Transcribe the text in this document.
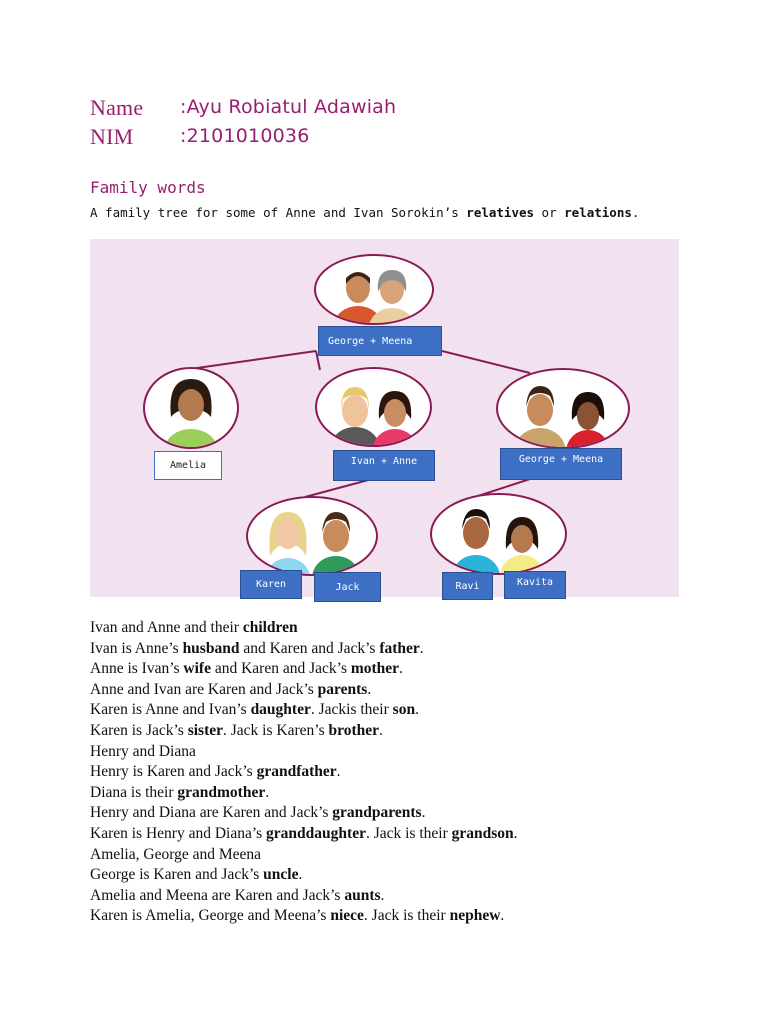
Name :Ayu Robiatul Adawiah
NIM :2101010036
Family words
A family tree for some of Anne and Ivan Sorokin’s relatives or relations.
George + Meena
Amelia	Ivan + Anne	George + Meena
Karen	Jack	Ravi	Kavita
Ivan and Anne and their children
Ivan is Anne’s husband and Karen and Jack’s father.
Anne is Ivan’s wife and Karen and Jack’s mother.
Anne and Ivan are Karen and Jack’s parents.
Karen is Anne and Ivan’s daughter. Jackis their son.
Karen is Jack’s sister. Jack is Karen’s brother.
Henry and Diana
Henry is Karen and Jack’s grandfather.
Diana is their grandmother.
Henry and Diana are Karen and Jack’s grandparents.
Karen is Henry and Diana’s granddaughter. Jack is their grandson.
Amelia, George and Meena
George is Karen and Jack’s uncle.
Amelia and Meena are Karen and Jack’s aunts.
Karen is Amelia, George and Meena’s niece. Jack is their nephew.
